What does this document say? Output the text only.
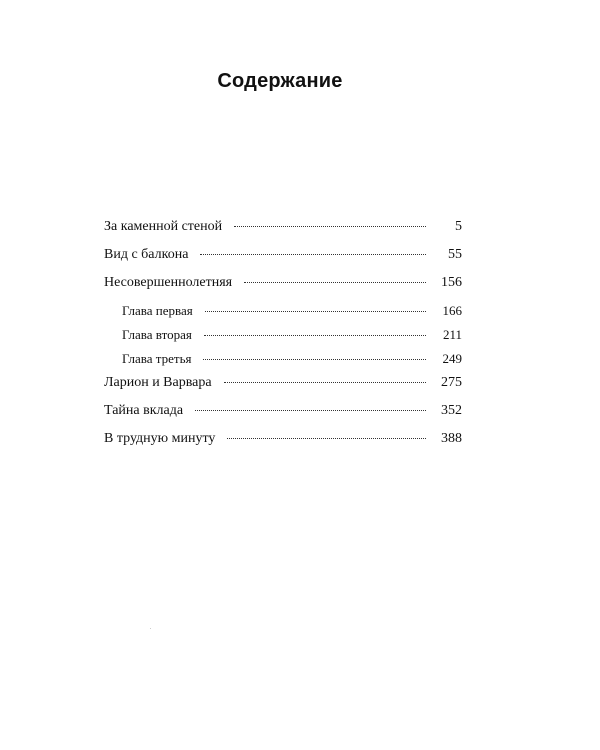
Содержание
За каменной стеной	5
Вид с балкона	55
Несовершеннолетняя	156
Глава первая	166
Глава вторая	211
Глава третья	249
Ларион и Варвара	275
Тайна вклада	352
В трудную минуту	388
